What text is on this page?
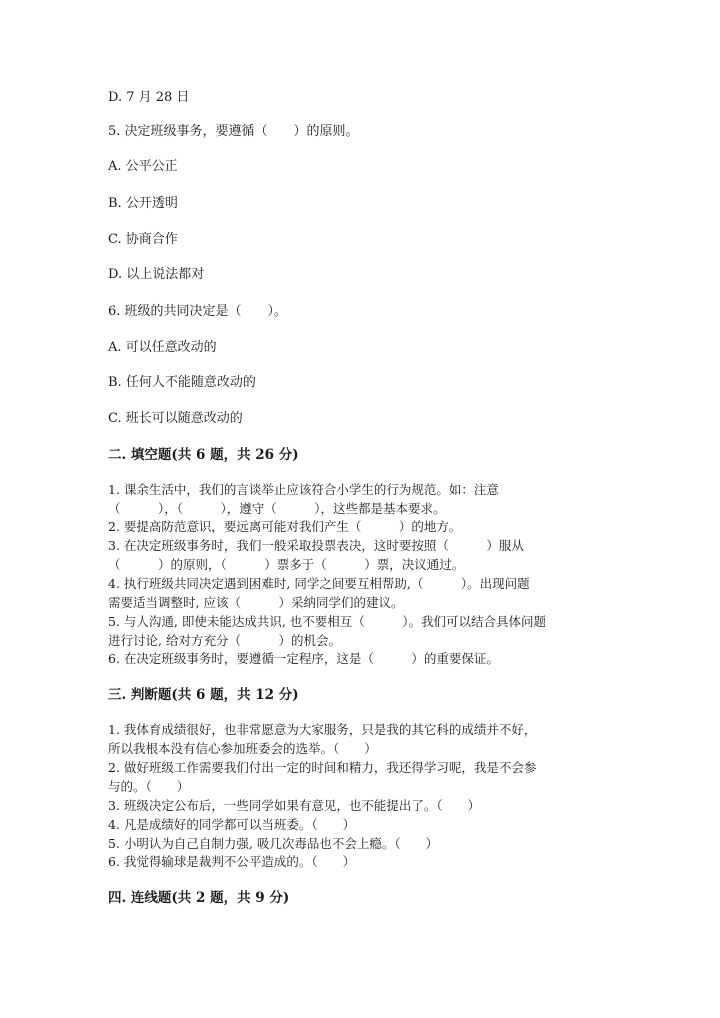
D. 7 月 28 日
5. 决定班级事务，要遵循（　　）的原则。
A. 公平公正
B. 公开透明
C. 协商合作
D. 以上说法都对
6. 班级的共同决定是（　　）。
A. 可以任意改动的
B. 任何人不能随意改动的
C. 班长可以随意改动的
二. 填空题(共 6 题，共 26 分)
1. 课余生活中，我们的言谈举止应该符合小学生的行为规范。如：注意
（　　　），（　　　），遵守（　　　），这些都是基本要求。
2. 要提高防范意识，要远离可能对我们产生（　　　）的地方。
3. 在决定班级事务时，我们一般采取投票表决，这时要按照（　　　）服从
（　　　）的原则，（　　　）票多于（　　　）票，决议通过。
4. 执行班级共同决定遇到困难时, 同学之间要互相帮助,（　　　）。出现问题
需要适当调整时, 应该（　　　）采纳同学们的建议。
5. 与人沟通, 即使未能达成共识, 也不要相互（　　　）。我们可以结合具体问题
进行讨论, 给对方充分（　　　）的机会。
6. 在决定班级事务时，要遵循一定程序，这是（　　　）的重要保证。
三. 判断题(共 6 题，共 12 分)
1. 我体育成绩很好，也非常愿意为大家服务，只是我的其它科的成绩并不好，
所以我根本没有信心参加班委会的选举。（　　）
2. 做好班级工作需要我们付出一定的时间和精力，我还得学习呢，我是不会参
与的。（　　）
3. 班级决定公布后，一些同学如果有意见，也不能提出了。（　　）
4. 凡是成绩好的同学都可以当班委。（　　）
5. 小明认为自己自制力强, 吸几次毒品也不会上瘾。（　　）
6. 我觉得输球是裁判不公平造成的。（　　）
四. 连线题(共 2 题，共 9 分)
